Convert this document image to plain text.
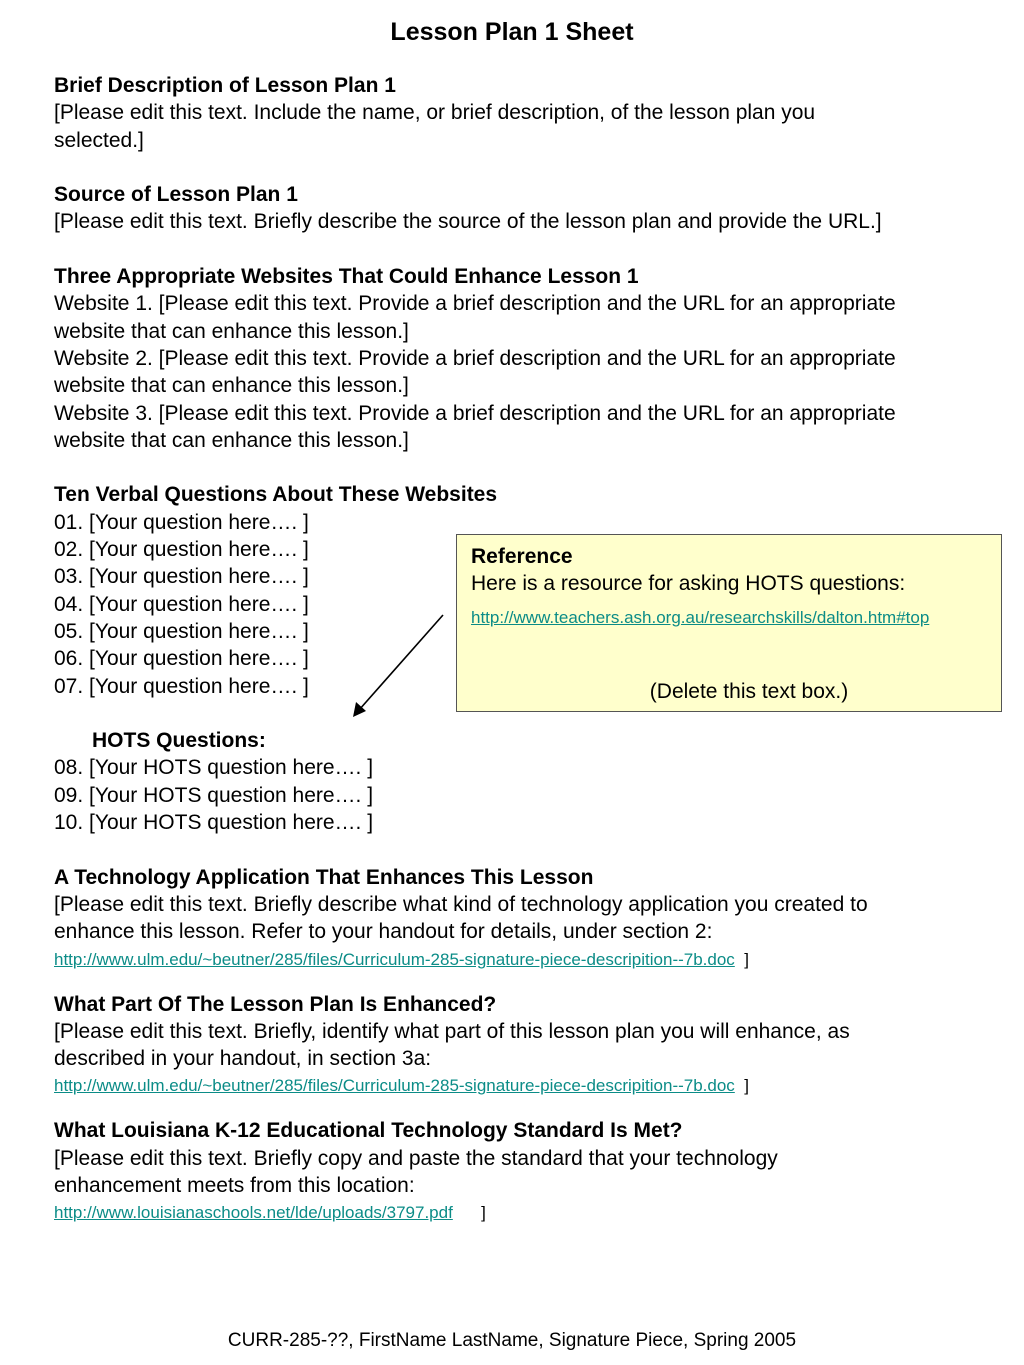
Lesson Plan 1 Sheet
Brief Description of Lesson Plan 1
[Please edit this text. Include the name, or brief description, of the lesson plan you
selected.]
Source of Lesson Plan 1
[Please edit this text. Briefly describe the source of the lesson plan and provide the URL.]
Three Appropriate Websites That Could Enhance Lesson 1
Website 1. [Please edit this text. Provide a brief description and the URL for an appropriate
website that can enhance this lesson.]
Website 2. [Please edit this text. Provide a brief description and the URL for an appropriate
website that can enhance this lesson.]
Website 3. [Please edit this text. Provide a brief description and the URL for an appropriate
website that can enhance this lesson.]
Ten Verbal Questions About These Websites
01. [Your question here…. ]
02. [Your question here…. ]
03. [Your question here…. ]
04. [Your question here…. ]
05. [Your question here…. ]
06. [Your question here…. ]
07. [Your question here…. ]
HOTS Questions:
08. [Your HOTS question here…. ]
09. [Your HOTS question here…. ]
10. [Your HOTS question here…. ]
A Technology Application That Enhances This Lesson
[Please edit this text. Briefly describe what kind of technology application you created to
enhance this lesson. Refer to your handout for details, under section 2:
http://www.ulm.edu/~beutner/285/files/Curriculum-285-signature-piece-descripition--7b.doc ]
What Part Of The Lesson Plan Is Enhanced?
[Please edit this text. Briefly, identify what part of this lesson plan you will enhance, as
described in your handout, in section 3a:
http://www.ulm.edu/~beutner/285/files/Curriculum-285-signature-piece-descripition--7b.doc ]
What Louisiana K-12 Educational Technology Standard Is Met?
[Please edit this text. Briefly copy and paste the standard that your technology
enhancement meets from this location:
http://www.louisianaschools.net/lde/uploads/3797.pdf ]
Reference
Here is a resource for asking HOTS questions:
http://www.teachers.ash.org.au/researchskills/dalton.htm#top
(Delete this text box.)
CURR-285-??, FirstName LastName, Signature Piece, Spring 2005
